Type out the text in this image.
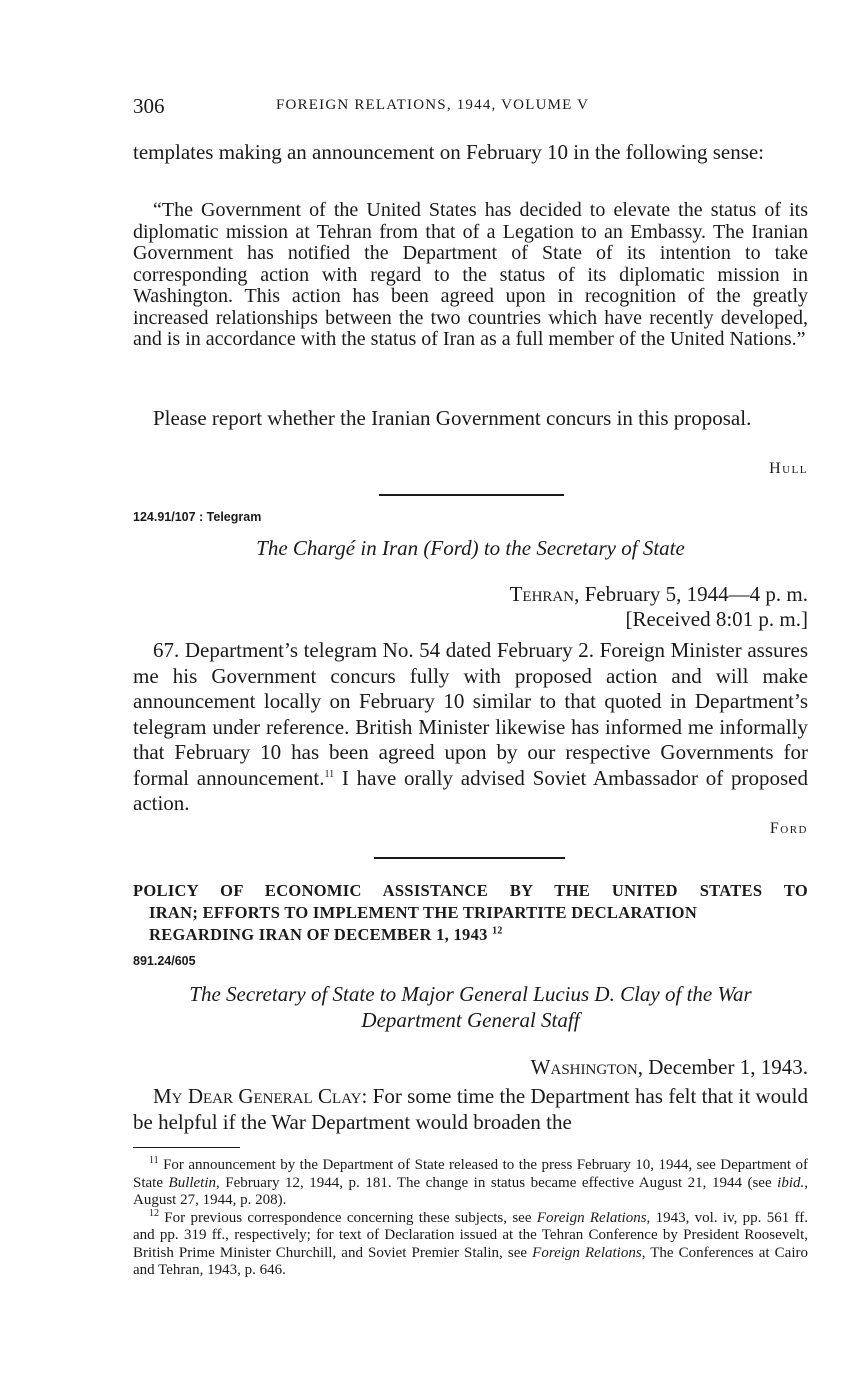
306	FOREIGN RELATIONS, 1944, VOLUME V

templates making an announcement on February 10 in the following sense:

“The Government of the United States has decided to elevate the status of its diplomatic mission at Tehran from that of a Legation to an Embassy. The Iranian Government has notified the Department of State of its intention to take corresponding action with regard to the status of its diplomatic mission in Washington. This action has been agreed upon in recognition of the greatly increased relationships between the two countries which have recently developed, and is in accordance with the status of Iran as a full member of the United Nations.”

Please report whether the Iranian Government concurs in this proposal.

Hull
124.91/107 : Telegram
The Chargé in Iran (Ford) to the Secretary of State
Tehran, February 5, 1944—4 p. m.
[Received 8:01 p. m.]

67. Department’s telegram No. 54 dated February 2. Foreign Minister assures me his Government concurs fully with proposed action and will make announcement locally on February 10 similar to that quoted in Department’s telegram under reference. British Minister likewise has informed me informally that February 10 has been agreed upon by our respective Governments for formal announcement.$^{11}$ I have orally advised Soviet Ambassador of proposed action.

Ford
POLICY OF ECONOMIC ASSISTANCE BY THE UNITED STATES TO
IRAN; EFFORTS TO IMPLEMENT THE TRIPARTITE DECLARATION
REGARDING IRAN OF DECEMBER 1, 1943 $^{12}$
891.24/605
The Secretary of State to Major General Lucius D. Clay of the War
Department General Staff
Washington, December 1, 1943.

My Dear General Clay: For some time the Department has felt that it would be helpful if the War Department would broaden the

$^{11}$ For announcement by the Department of State released to the press February 10, 1944, see Department of State Bulletin, February 12, 1944, p. 181. The change in status became effective August 21, 1944 (see ibid., August 27, 1944, p. 208).

$^{12}$ For previous correspondence concerning these subjects, see Foreign Relations, 1943, vol. iv, pp. 561 ff. and pp. 319 ff., respectively; for text of Declaration issued at the Tehran Conference by President Roosevelt, British Prime Minister Churchill, and Soviet Premier Stalin, see Foreign Relations, The Conferences at Cairo and Tehran, 1943, p. 646.
